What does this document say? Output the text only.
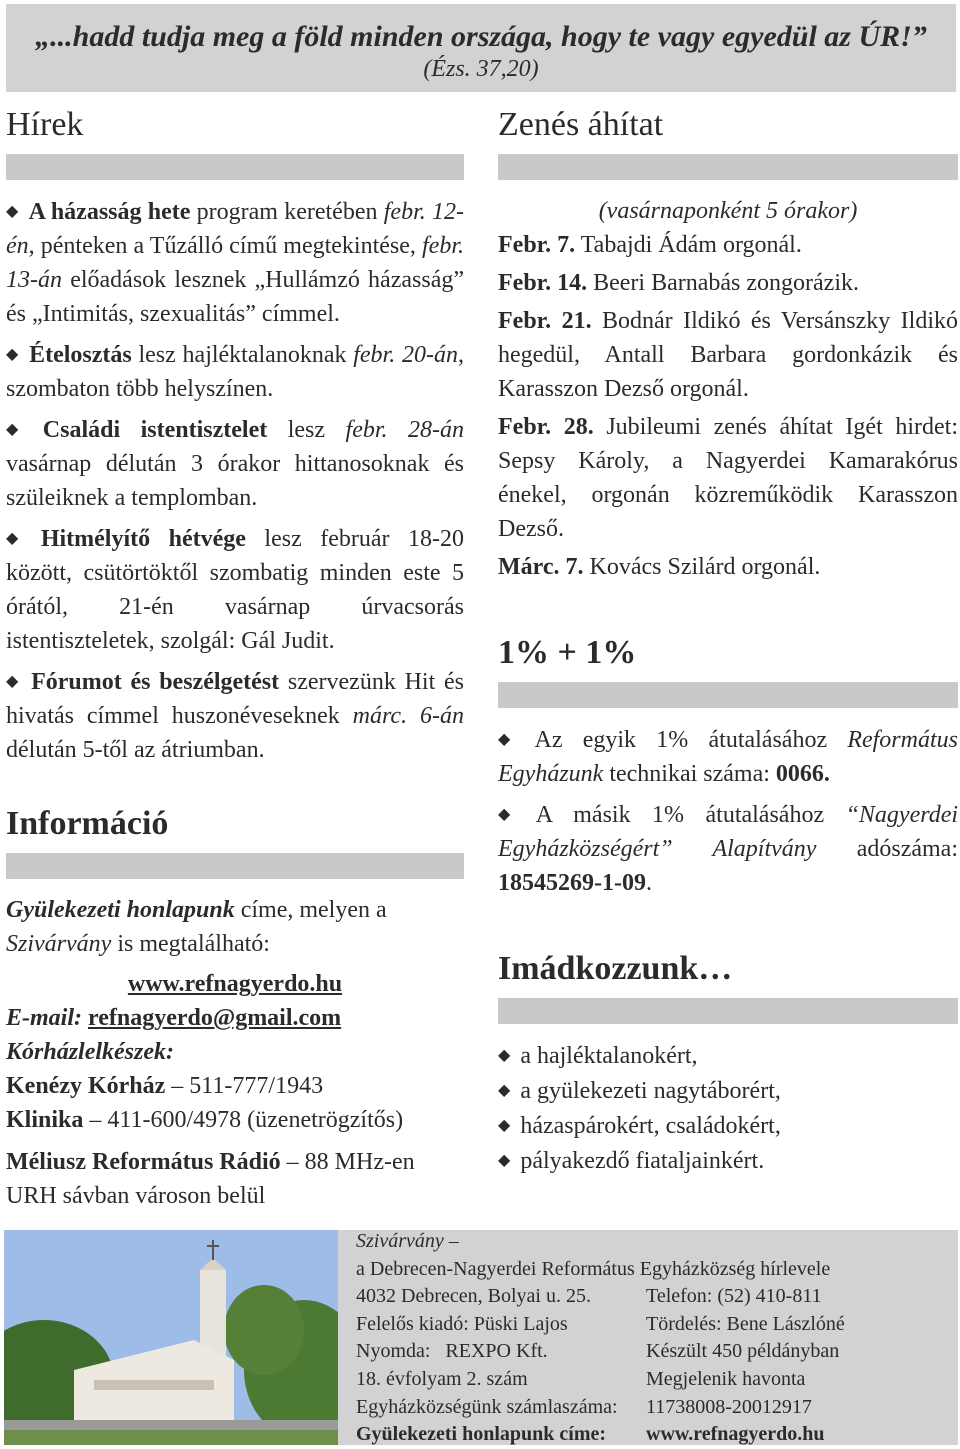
„...hadd tudja meg a föld minden országa, hogy te vagy egyedül az ÚR!”
(Ézs. 37,20)
Hírek

◆ A házasság hete program keretében febr. 12-én, pénteken a Tűzálló című megtekintése, febr. 13-án előadások lesznek „Hullámzó házasság” és „Intimitás, szexualitás” címmel.

◆ Ételosztás lesz hajléktalanoknak febr. 20-án, szombaton több helyszínen.

◆ Családi istentisztelet lesz febr. 28-án vasárnap délután 3 órakor hittanosoknak és szüleiknek a templomban.

◆ Hitmélyítő hétvége lesz február 18-20 között, csütörtöktől szombatig minden este 5 órától, 21-én vasárnap úrvacsorás istentiszteletek, szolgál: Gál Judit.

◆ Fórumot és beszélgetést szervezünk Hit és hivatás címmel huszonéveseknek márc. 6-án délután 5-től az átriumban.

Információ

Gyülekezeti honlapunk címe, melyen a Szivárvány is megtalálható:

www.refnagyerdo.hu

E-mail: refnagyerdo@gmail.com

Kórházlelkészek:

Kenézy Kórház – 511-777/1943

Klinika – 411-600/4978 (üzenetrögzítős)

Méliusz Református Rádió – 88 MHz-en URH sávban városon belül

Zenés áhítat

(vasárnaponként 5 órakor)

Febr. 7. Tabajdi Ádám orgonál.

Febr. 14. Beeri Barnabás zongorázik.

Febr. 21. Bodnár Ildikó és Versánszky Ildikó hegedül, Antall Barbara gordonkázik és Karasszon Dezső orgonál.

Febr. 28. Jubileumi zenés áhítat Igét hirdet: Sepsy Károly, a Nagyerdei Kamarakórus énekel, orgonán közreműködik Karasszon Dezső.

Márc. 7. Kovács Szilárd orgonál.

1% + 1%

◆ Az egyik 1% átutalásához Református Egyházunk technikai száma: 0066.

◆ A másik 1% átutalásához “Nagyerdei Egyházközségért” Alapítvány adószáma: 18545269-1-09.

Imádkozzunk…
◆ a hajléktalanokért,
◆ a gyülekezeti nagytáborért,
◆ házaspárokért, családokért,
◆ pályakezdő fiataljainkért.
Szivárvány –
a Debrecen-Nagyerdei Református Egyházközség hírlevele
4032 Debrecen, Bolyai u. 25.	Telefon: (52) 410-811
Felelős kiadó: Püski Lajos	Tördelés: Bene Lászlóné
Nyomda:   REXPO Kft.	Készült 450 példányban
18. évfolyam 2. szám	Megjelenik havonta
Egyházközségünk számlaszáma:	11738008-20012917
Gyülekezeti honlapunk címe:	www.refnagyerdo.hu
